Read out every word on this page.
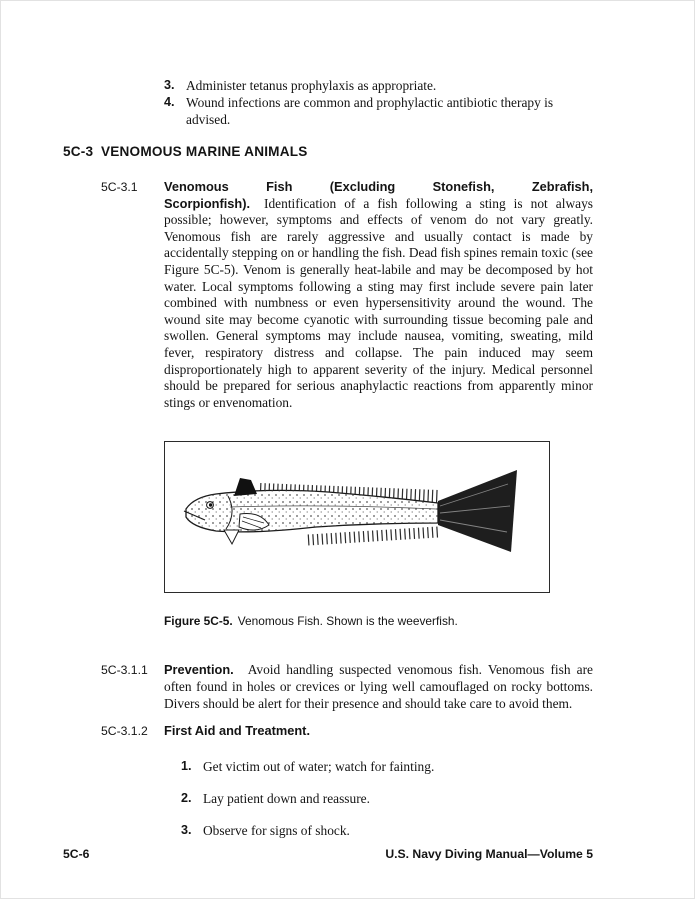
3. Administer tetanus prophylaxis as appropriate.
4. Wound infections are common and prophylactic antibiotic therapy is advised.
5C-3 VENOMOUS MARINE ANIMALS
5C-3.1	Venomous Fish (Excluding Stonefish, Zebrafish, Scorpionfish). Identification of a fish following a sting is not always possible; however, symptoms and effects of venom do not vary greatly. Venomous fish are rarely aggressive and usually contact is made by accidentally stepping on or handling the fish. Dead fish spines remain toxic (see Figure 5C-5). Venom is generally heat-labile and may be decomposed by hot water. Local symptoms following a sting may first include severe pain later combined with numbness or even hypersensitivity around the wound. The wound site may become cyanotic with surrounding tissue becoming pale and swollen. General symptoms may include nausea, vomiting, sweating, mild fever, respiratory distress and collapse. The pain induced may seem disproportionately high to apparent severity of the injury. Medical personnel should be prepared for serious anaphylactic reactions from apparently minor stings or envenomation.
Figure 5C-5. Venomous Fish. Shown is the weeverfish.
5C-3.1.1	Prevention. Avoid handling suspected venomous fish. Venomous fish are often found in holes or crevices or lying well camouflaged on rocky bottoms. Divers should be alert for their presence and should take care to avoid them.
5C-3.1.2	First Aid and Treatment.
1. Get victim out of water; watch for fainting.
2. Lay patient down and reassure.
3. Observe for signs of shock.
5C-6	U.S. Navy Diving Manual—Volume 5
